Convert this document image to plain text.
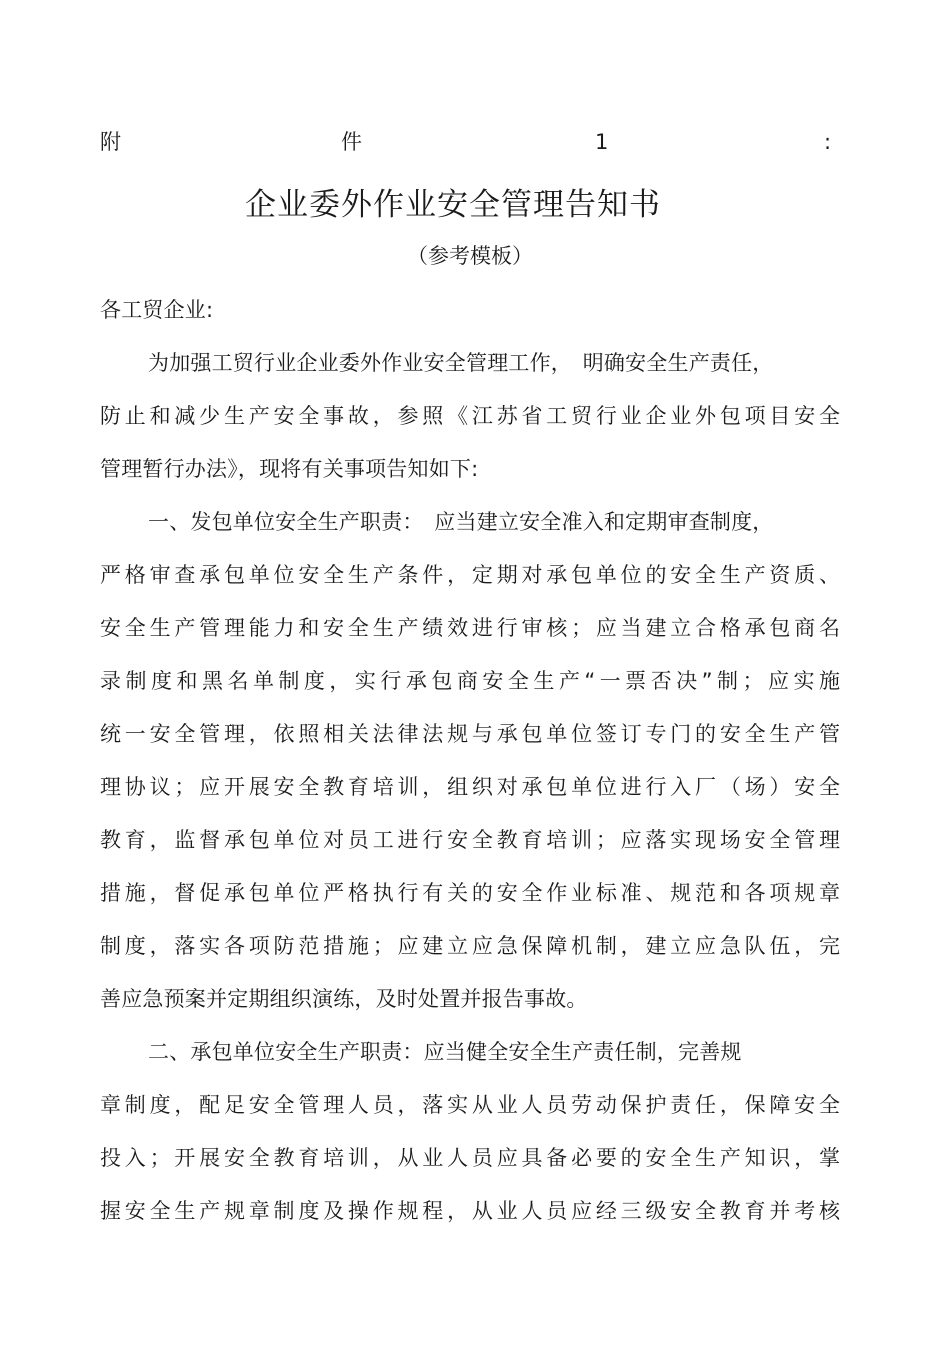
附	件	1	:
企业委外作业安全管理告知书
（参考模板）
各工贸企业:
为加强工贸行业企业委外作业安全管理工作，　明确安全生产责任，
防止和减少生产安全事故，参照《江苏省工贸行业企业外包项目安全
管理暂行办法》，现将有关事项告知如下:
一、发包单位安全生产职责：　应当建立安全准入和定期审查制度，
严格审查承包单位安全生产条件，定期对承包单位的安全生产资质、
安全生产管理能力和安全生产绩效进行审核；应当建立合格承包商名
录制度和黑名单制度，实行承包商安全生产“一票否决”制；应实施
统一安全管理，依照相关法律法规与承包单位签订专门的安全生产管
理协议；应开展安全教育培训，组织对承包单位进行入厂（场）安全
教育，监督承包单位对员工进行安全教育培训；应落实现场安全管理
措施，督促承包单位严格执行有关的安全作业标准、规范和各项规章
制度，落实各项防范措施；应建立应急保障机制，建立应急队伍，完
善应急预案并定期组织演练，及时处置并报告事故。
二、承包单位安全生产职责：应当健全安全生产责任制，完善规
章制度，配足安全管理人员，落实从业人员劳动保护责任，保障安全
投入；开展安全教育培训，从业人员应具备必要的安全生产知识，掌
握安全生产规章制度及操作规程，从业人员应经三级安全教育并考核
